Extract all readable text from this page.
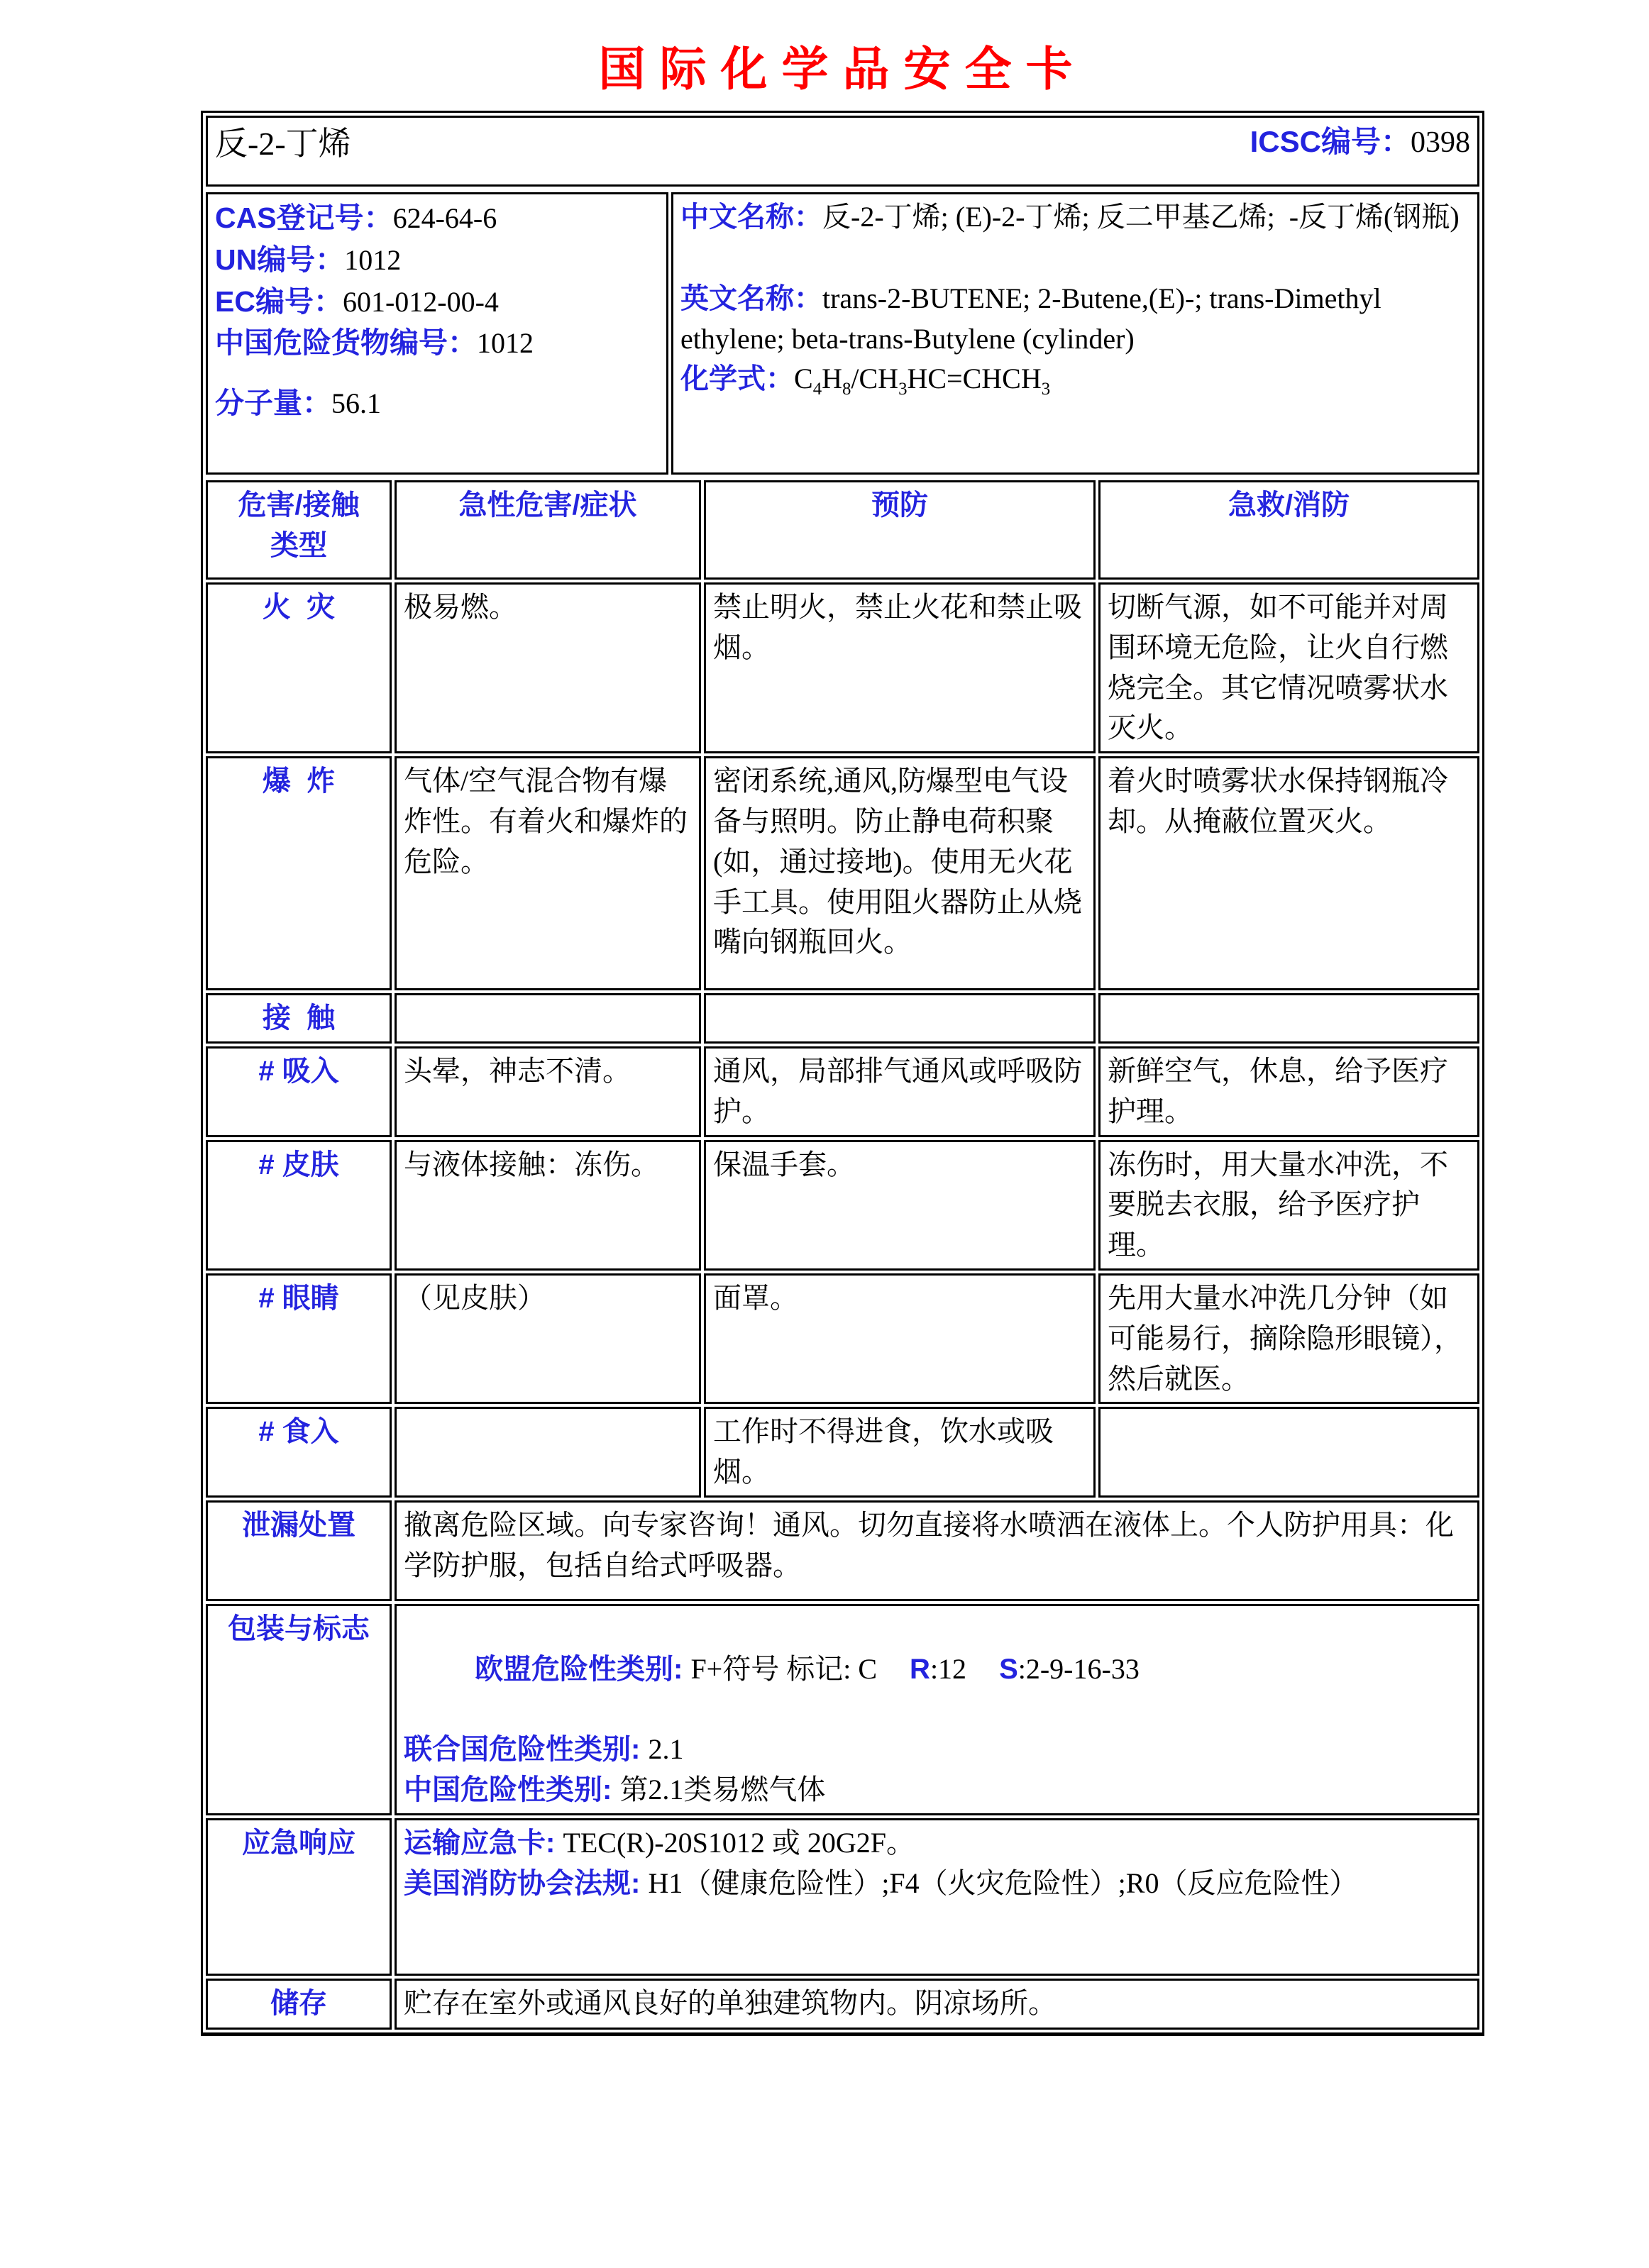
国际化学品安全卡
反-2-丁烯	ICSC编号：0398
CAS登记号：624-64-6
UN编号：1012
EC编号：601-012-00-4
中国危险货物编号：1012
分子量：56.1

中文名称：反-2-丁烯; (E)-2-丁烯; 反二甲基乙烯;  -反丁烯(钢瓶)
英文名称：trans-2-BUTENE; 2-Butene,(E)-; trans-Dimethyl ethylene; beta-trans-Butylene (cylinder)
化学式：$C_4H_8/CH_3HC=CHCH_3$
危害/接触
类型	急性危害/症状	预防	急救/消防
火  灾	极易燃。	禁止明火，禁止火花和禁止吸烟。	切断气源，如不可能并对周围环境无危险，让火自行燃烧完全。其它情况喷雾状水灭火。
爆  炸	气体/空气混合物有爆炸性。有着火和爆炸的危险。	密闭系统,通风,防爆型电气设备与照明。防止静电荷积聚(如，通过接地)。使用无火花手工具。使用阻火器防止从烧嘴向钢瓶回火。	着火时喷雾状水保持钢瓶冷却。从掩蔽位置灭火。
接  触			
# 吸入	头晕，神志不清。	通风，局部排气通风或呼吸防护。	新鲜空气，休息，给予医疗护理。
# 皮肤	与液体接触：冻伤。	保温手套。	冻伤时，用大量水冲洗，不要脱去衣服，给予医疗护理。
# 眼睛	（见皮肤）	面罩。	先用大量水冲洗几分钟（如可能易行，摘除隐形眼镜），然后就医。
# 食入		工作时不得进食，饮水或吸烟。	
泄漏处置	撤离危险区域。向专家咨询！通风。切勿直接将水喷洒在液体上。个人防护用具：化学防护服，包括自给式呼吸器。		
包装与标志	欧盟危险性类别: F+符号 标记: C R:12 S:2-9-16-33

联合国危险性类别: 2.1
中国危险性类别: 第2.1类易燃气体		

应急响应	运输应急卡: TEC(R)-20S1012 或 20G2F。
美国消防协会法规: H1（健康危险性）;F4（火灾危险性）;R0（反应危险性）		

储存	贮存在室外或通风良好的单独建筑物内。阴凉场所。		
